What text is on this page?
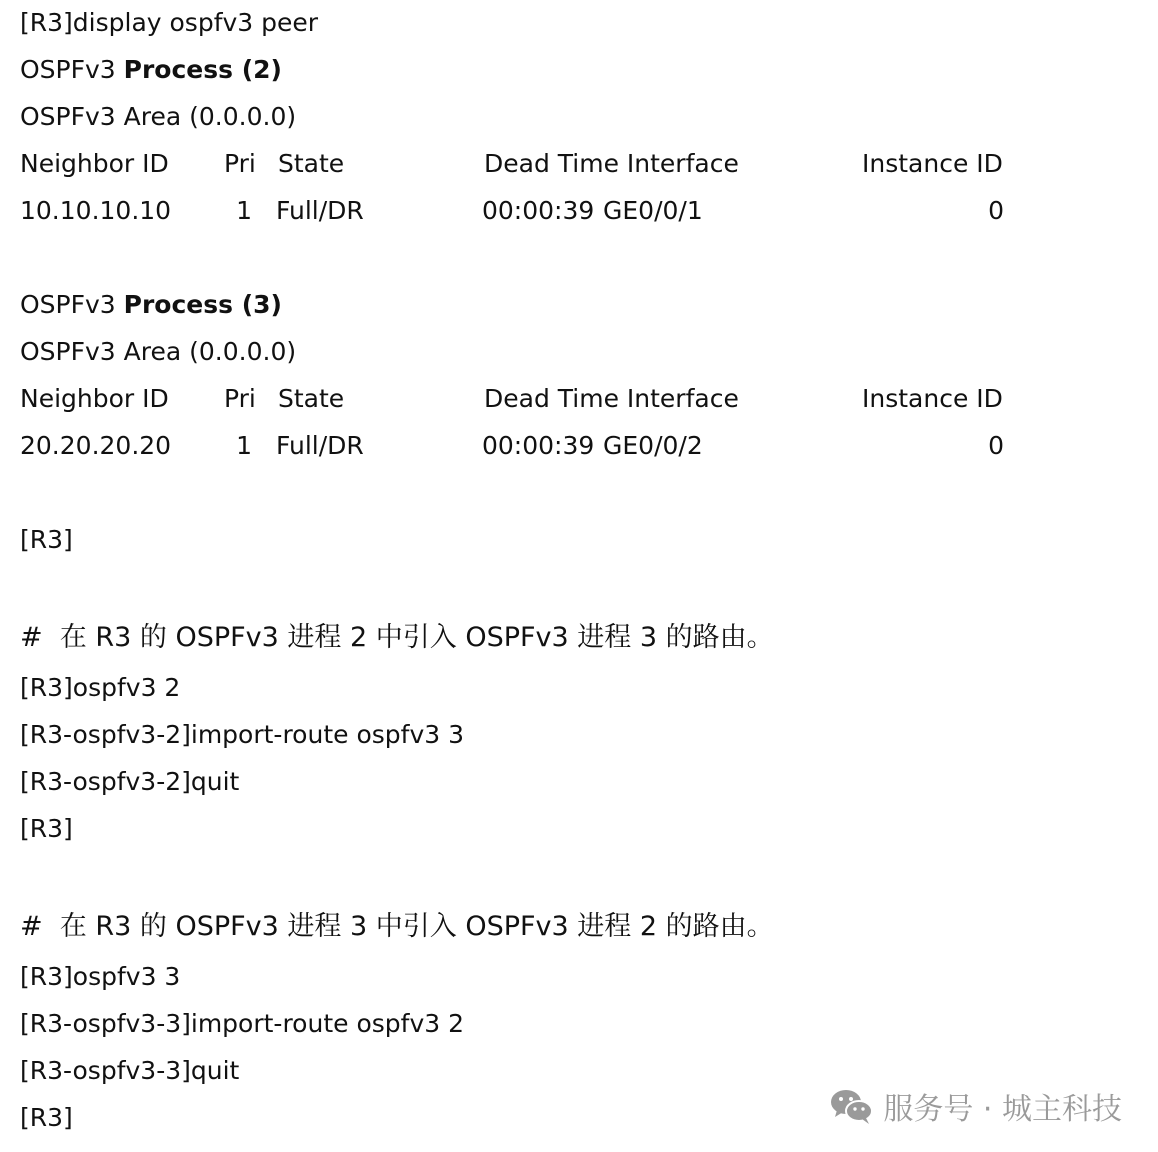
[R3]display ospfv3 peer
OSPFv3 Process (2)
OSPFv3 Area (0.0.0.0)
Neighbor ID Pri State	Dead Time Interface	Instance ID
10.10.10.10	1 Full/DR	00:00:39 GE0/0/1	0
OSPFv3 Process (3)
OSPFv3 Area (0.0.0.0)
Neighbor ID Pri State	Dead Time Interface	Instance ID
20.20.20.20	1 Full/DR	00:00:39 GE0/0/2	0
[R3]
#  在 R3 的 OSPFv3 进程 2 中引入 OSPFv3 进程 3 的路由。
[R3]ospfv3 2
[R3-ospfv3-2]import-route ospfv3 3
[R3-ospfv3-2]quit
[R3]
#  在 R3 的 OSPFv3 进程 3 中引入 OSPFv3 进程 2 的路由。
[R3]ospfv3 3
[R3-ospfv3-3]import-route ospfv3 2
[R3-ospfv3-3]quit
[R3]	服务号 · 城主科技
